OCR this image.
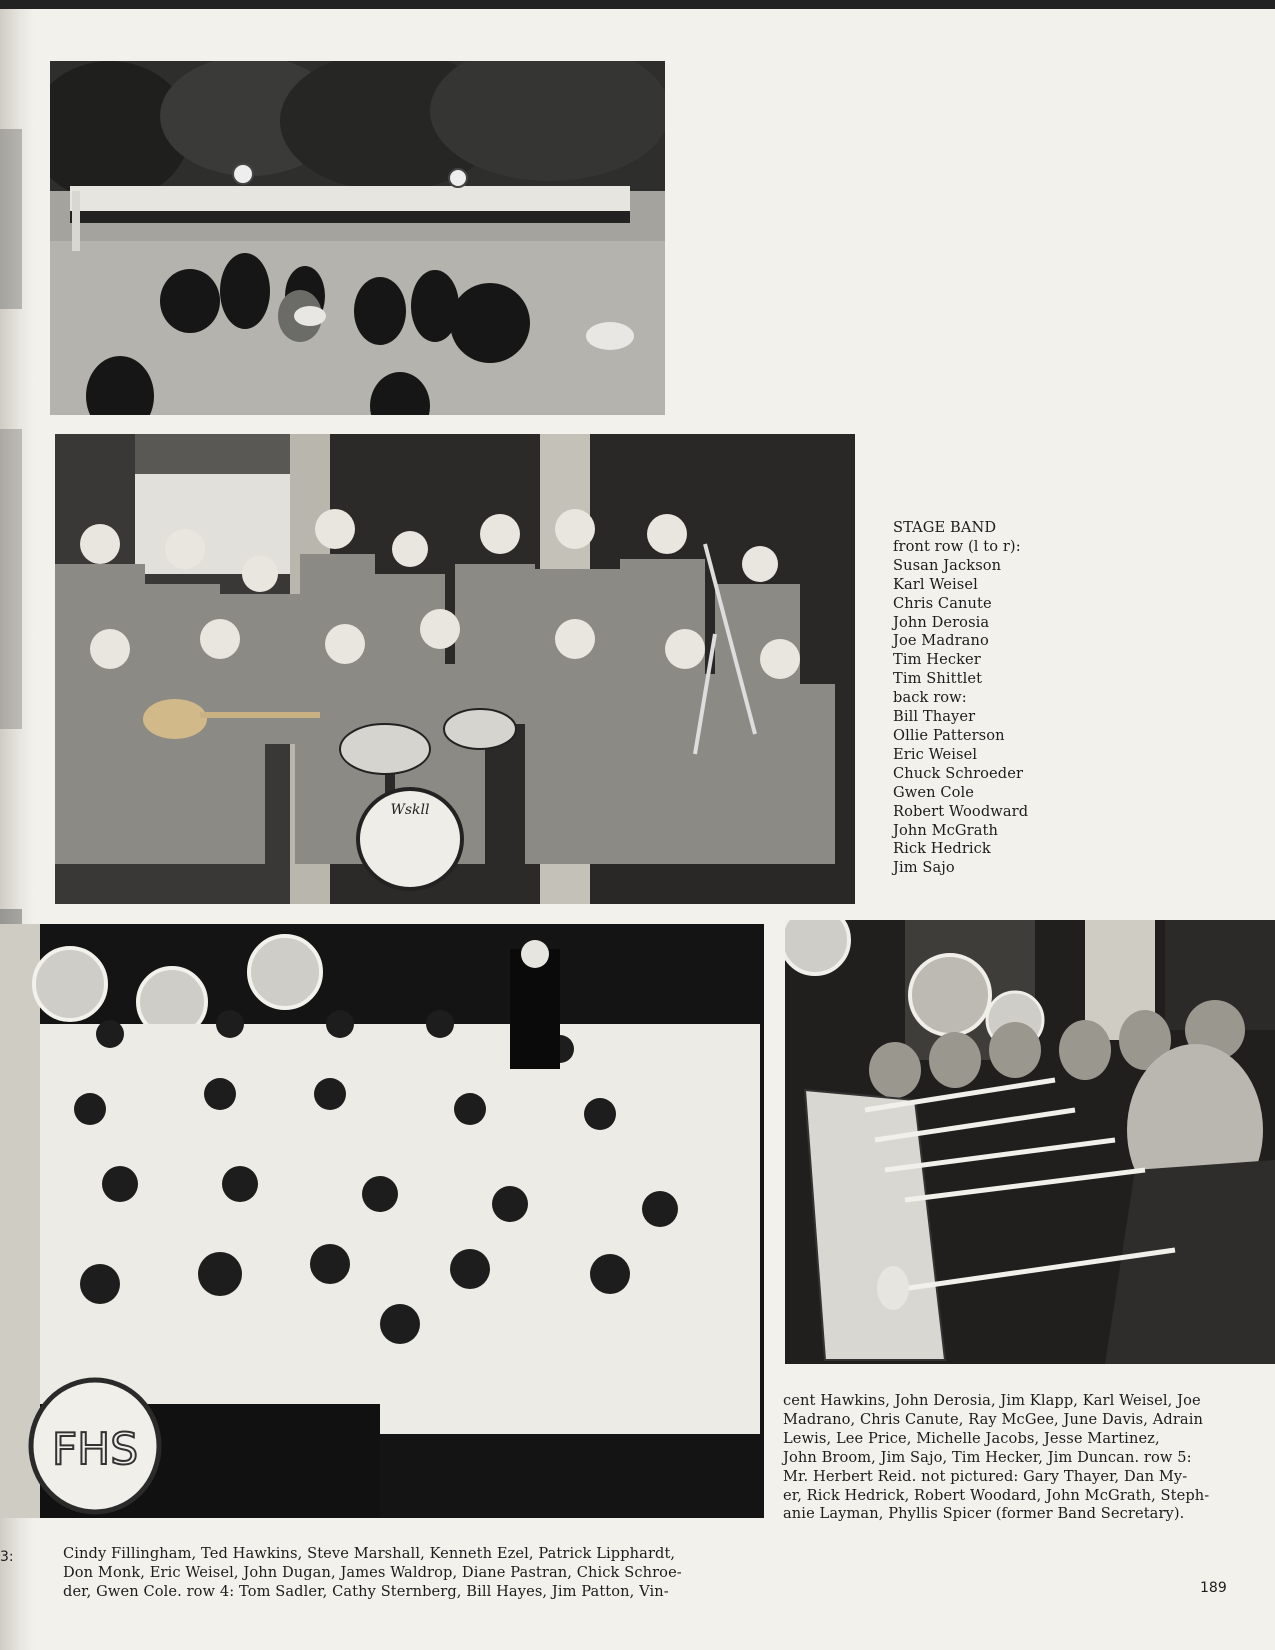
Wskll
STAGE BAND
front row (l to r):
Susan Jackson
Karl Weisel
Chris Canute
John Derosia
Joe Madrano
Tim Hecker
Tim Shittlet
back row:
Bill Thayer
Ollie Patterson
Eric Weisel
Chuck Schroeder
Gwen Cole
Robert Woodward
John McGrath
Rick Hedrick
Jim Sajo
FHS
cent Hawkins, John Derosia, Jim Klapp, Karl Weisel, Joe
Madrano, Chris Canute, Ray McGee, June Davis, Adrain
Lewis, Lee Price, Michelle Jacobs, Jesse Martinez,
John Broom, Jim Sajo, Tim Hecker, Jim Duncan. row 5:
Mr. Herbert Reid. not pictured: Gary Thayer, Dan My-
er, Rick Hedrick, Robert Woodard, John McGrath, Steph-
anie Layman, Phyllis Spicer (former Band Secretary).
Cindy Fillingham, Ted Hawkins, Steve Marshall, Kenneth Ezel, Patrick Lipphardt,
Don Monk, Eric Weisel, John Dugan, James Waldrop, Diane Pastran, Chick Schroe-
der, Gwen Cole. row 4: Tom Sadler, Cathy Sternberg, Bill Hayes, Jim Patton, Vin-
3:
189
